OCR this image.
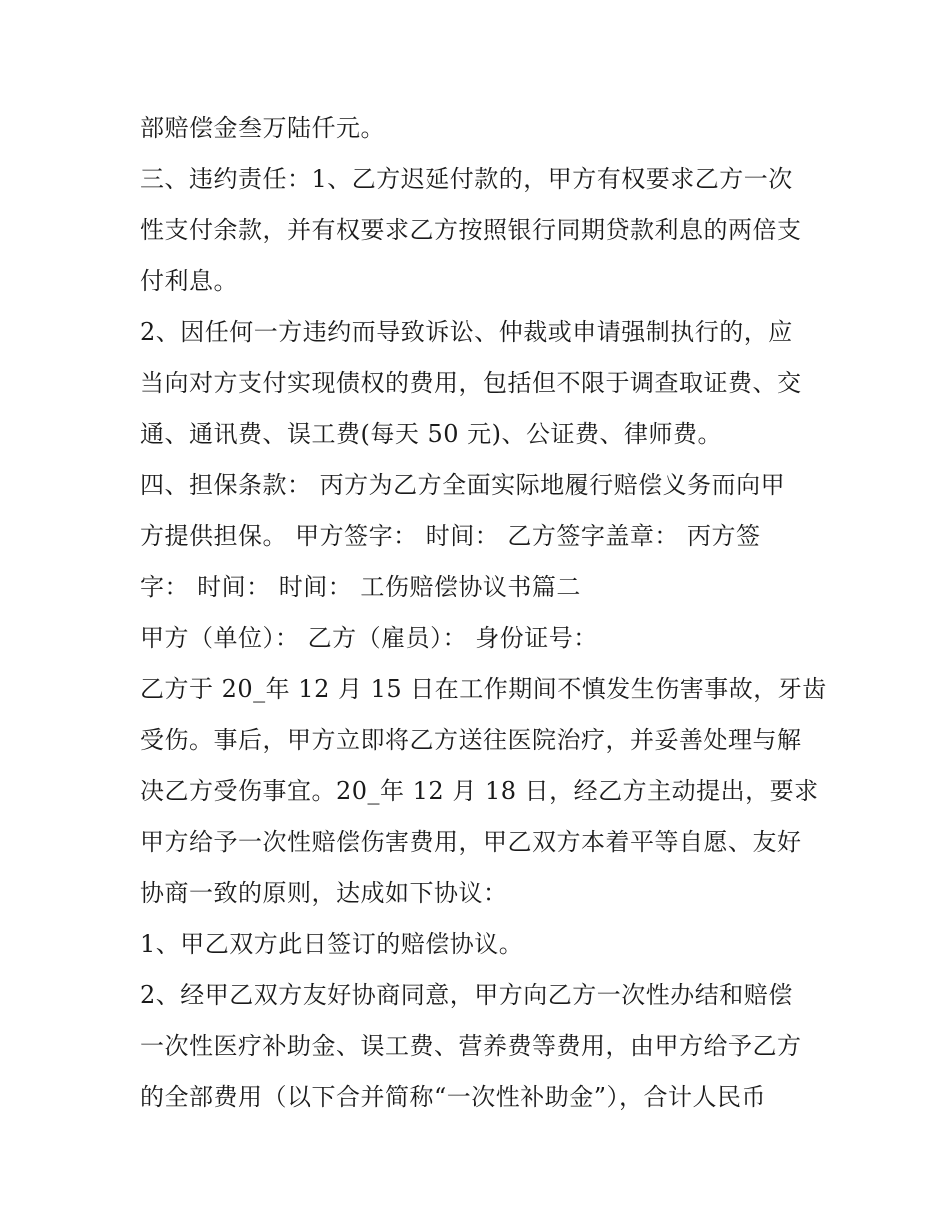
部赔偿金叁万陆仟元。
三、违约责任：1、乙方迟延付款的，甲方有权要求乙方一次
性支付余款，并有权要求乙方按照银行同期贷款利息的两倍支
付利息。
2、因任何一方违约而导致诉讼、仲裁或申请强制执行的，应
当向对方支付实现债权的费用，包括但不限于调查取证费、交
通、通讯费、误工费(每天 50 元)、公证费、律师费。
四、担保条款： 丙方为乙方全面实际地履行赔偿义务而向甲
方提供担保。 甲方签字： 时间： 乙方签字盖章： 丙方签
字： 时间： 时间： 工伤赔偿协议书篇二
甲方（单位）： 乙方（雇员）： 身份证号：
乙方于 20_年 12 月 15 日在工作期间不慎发生伤害事故，牙齿
受伤。事后，甲方立即将乙方送往医院治疗，并妥善处理与解
决乙方受伤事宜。20_年 12 月 18 日，经乙方主动提出，要求
甲方给予一次性赔偿伤害费用，甲乙双方本着平等自愿、友好
协商一致的原则，达成如下协议：
1、甲乙双方此日签订的赔偿协议。
2、经甲乙双方友好协商同意，甲方向乙方一次性办结和赔偿
一次性医疗补助金、误工费、营养费等费用，由甲方给予乙方
的全部费用（以下合并简称“一次性补助金”），合计人民币
